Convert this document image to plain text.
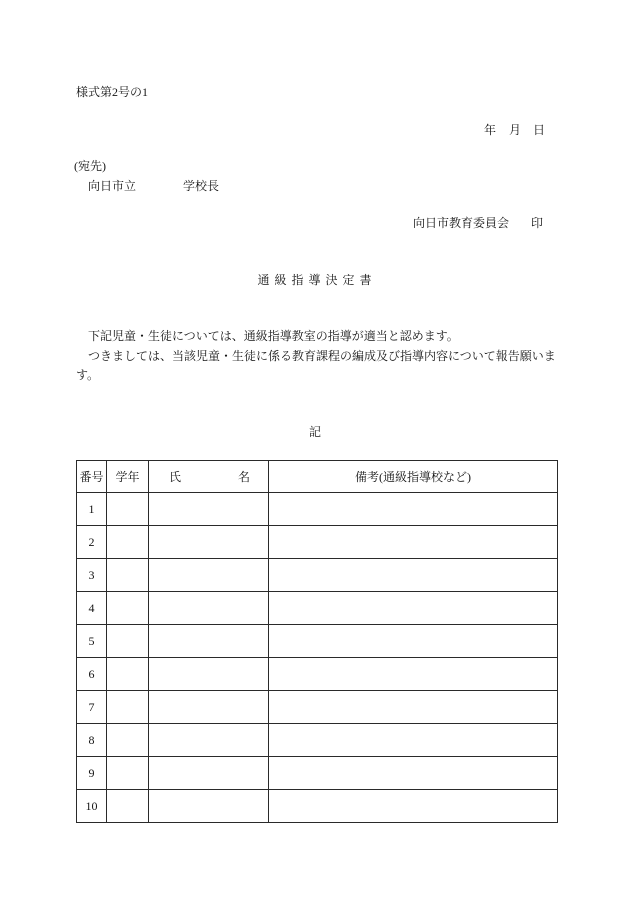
様式第2号の1
年 月 日
(宛先)
向日市立	学校長
向日市教育委員会 印
通 級 指 導 決 定 書
下記児童・生徒については、通級指導教室の指導が適当と認めます。
つきましては、当該児童・生徒に係る教育課程の編成及び指導内容について報告願いま
す。
記
番号	学年	氏 名	備考(通級指導校など)
1			
2			
3			
4			
5			
6			
7			
8			
9			
10			
